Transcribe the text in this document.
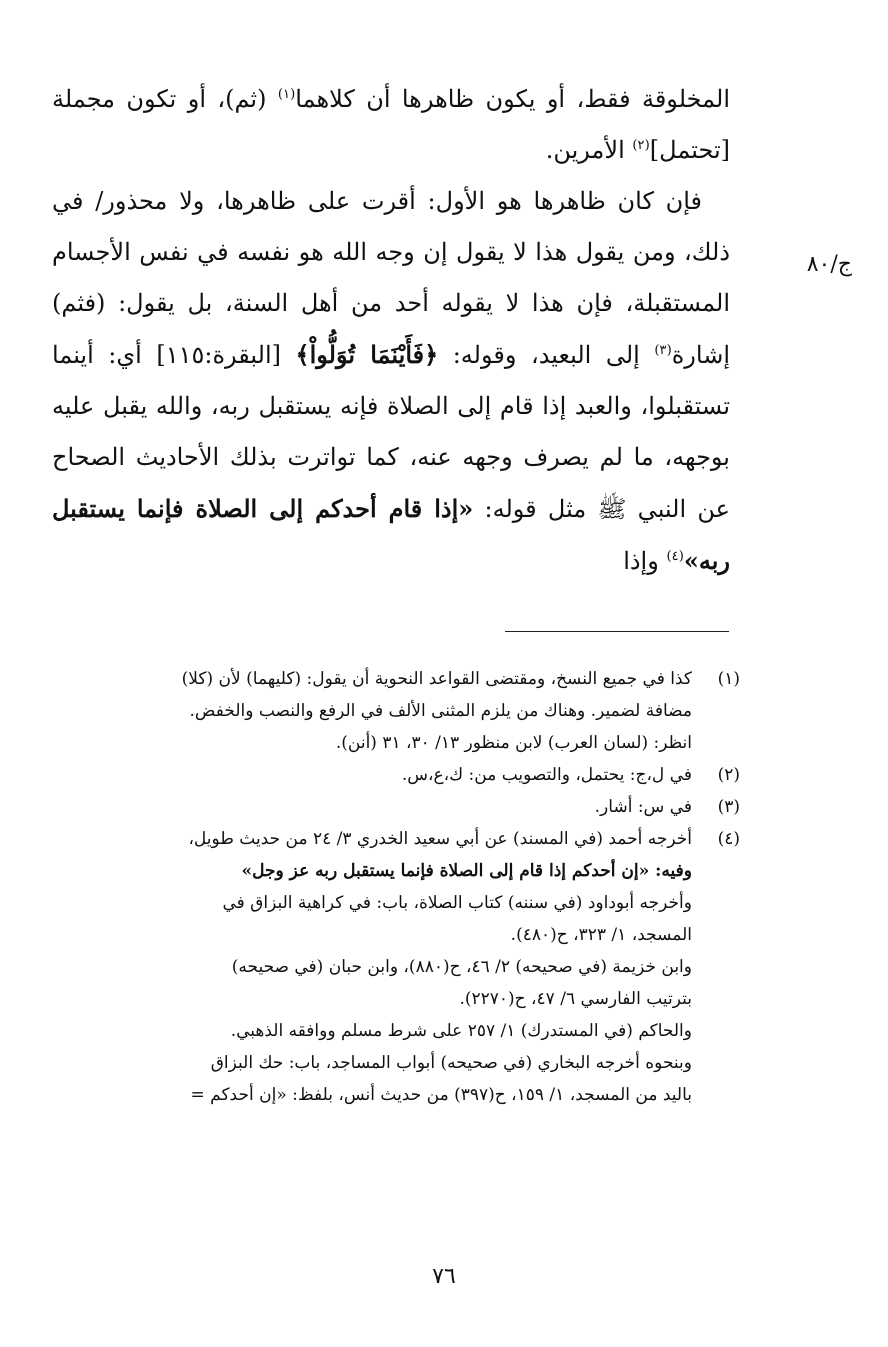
ج/٨٠

المخلوقة فقط، أو يكون ظاهرها أن كلاهما$^{(١)}$ (ثم)، أو تكون مجملة [تحتمل]$^{(٢)}$ الأمرين.

فإن كان ظاهرها هو الأول: أقرت على ظاهرها، ولا محذور/ في ذلك، ومن يقول هذا لا يقول إن وجه الله هو نفسه في نفس الأجسام المستقبلة، فإن هذا لا يقوله أحد من أهل السنة، بل يقول: (فثم) إشارة$^{(٣)}$ إلى البعيد، وقوله: ﴿فَأَيْنَمَا تُوَلُّواْ﴾ [البقرة:١١٥] أي: أينما تستقبلوا، والعبد إذا قام إلى الصلاة فإنه يستقبل ربه، والله يقبل عليه بوجهه، ما لم يصرف وجهه عنه، كما تواترت بذلك الأحاديث الصحاح عن النبي ﷺ مثل قوله: «إذا قام أحدكم إلى الصلاة فإنما يستقبل ربه»$^{(٤)}$ وإذا

(١)
كذا في جميع النسخ، ومقتضى القواعد النحوية أن يقول: (كليهما) لأن (كلا)
مضافة لضمير. وهناك من يلزم المثنى الألف في الرفع والنصب والخفض.
انظر: (لسان العرب) لابن منظور ١٣/ ٣٠، ٣١ (أنن).
(٢)
في ل،ج: يحتمل، والتصويب من: ك،ع،س.
(٣)
في س: أشار.
(٤)
أخرجه أحمد (في المسند) عن أبي سعيد الخدري ٣/ ٢٤ من حديث طويل،
وفيه: «إن أحدكم إذا قام إلى الصلاة فإنما يستقبل ربه عز وجل»
وأخرجه أبوداود (في سننه) كتاب الصلاة، باب: في كراهية البزاق في
المسجد، ١/ ٣٢٣، ح(٤٨٠).
وابن خزيمة (في صحيحه) ٢/ ٤٦، ح(٨٨٠)، وابن حبان (في صحيحه)
بترتيب الفارسي ٦/ ٤٧، ح(٢٢٧٠).
والحاكم (في المستدرك) ١/ ٢٥٧ على شرط مسلم ووافقه الذهبي.
وبنحوه أخرجه البخاري (في صحيحه) أبواب المساجد، باب: حك البزاق
باليد من المسجد، ١/ ١٥٩، ح(٣٩٧) من حديث أنس، بلفظ: «إن أحدكم =
٧٦
